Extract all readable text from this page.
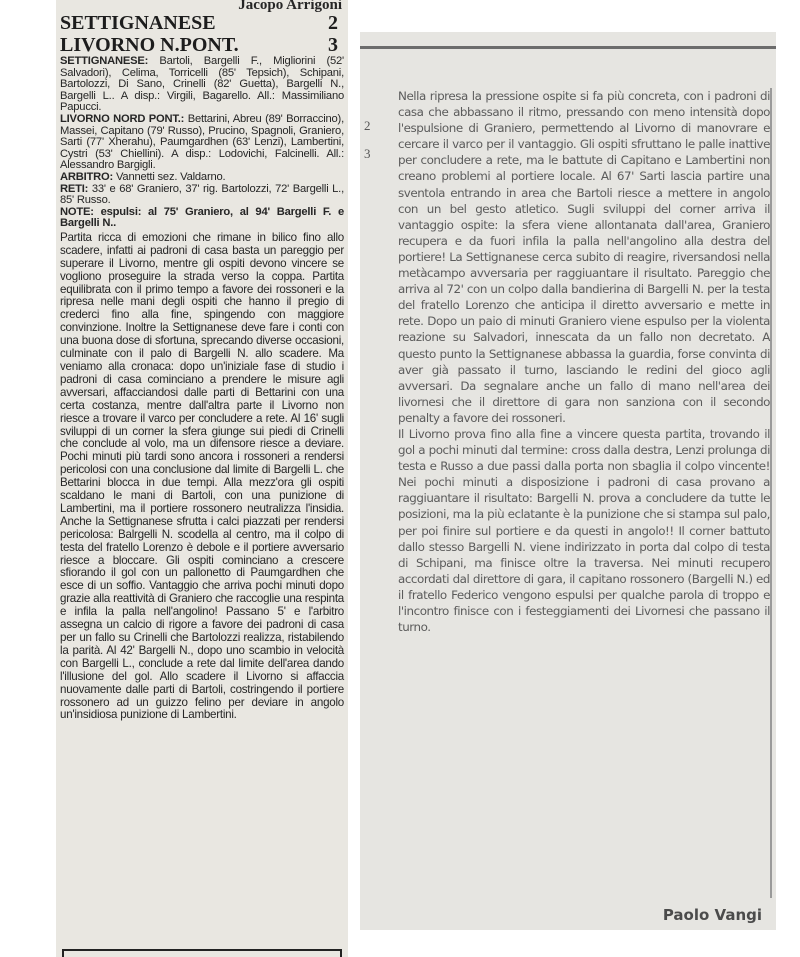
Jacopo Arrigoni
SETTIGNANESE	2
LIVORNO N.PONT.	3

SETTIGNANESE: Bartoli, Bargelli F., Migliorini (52' Salvadori), Celima, Torricelli (85' Tepsich), Schipani, Bartolozzi, Di Sano, Crinelli (82' Guetta), Bargelli N., Bargelli L.. A disp.: Virgili, Bagarello. All.: Massimiliano Papucci.

LIVORNO NORD PONT.: Bettarini, Abreu (89' Borraccino), Massei, Capitano (79' Russo), Prucino, Spagnoli, Graniero, Sarti (77' Xherahu), Paumgardhen (63' Lenzi), Lambertini, Cystri (53' Chiellini). A disp.: Lodovichi, Falcinelli. All.: Alessandro Bargigli.

ARBITRO: Vannetti sez. Valdarno.

RETI: 33' e 68' Graniero, 37' rig. Bartolozzi, 72' Bargelli L., 85' Russo.

NOTE: espulsi: al 75' Graniero, al 94' Bargelli F. e Bargelli N..

Partita ricca di emozioni che rimane in bilico fino allo scadere, infatti ai padroni di casa basta un pareggio per superare il Livorno, mentre gli ospiti devono vincere se vogliono proseguire la strada verso la coppa. Partita equilibrata con il primo tempo a favore dei rossoneri e la ripresa nelle mani degli ospiti che hanno il pregio di crederci fino alla fine, spingendo con maggiore convinzione. Inoltre la Settignanese deve fare i conti con una buona dose di sfortuna, sprecando diverse occasioni, culminate con il palo di Bargelli N. allo scadere. Ma veniamo alla cronaca: dopo un'iniziale fase di studio i padroni di casa cominciano a prendere le misure agli avversari, affacciandosi dalle parti di Bettarini con una certa costanza, mentre dall'altra parte il Livorno non riesce a trovare il varco per concludere a rete. Al 16' sugli sviluppi di un corner la sfera giunge sui piedi di Crinelli che conclude al volo, ma un difensore riesce a deviare. Pochi minuti più tardi sono ancora i rossoneri a rendersi pericolosi con una conclusione dal limite di Bargelli L. che Bettarini blocca in due tempi. Alla mezz'ora gli ospiti scaldano le mani di Bartoli, con una punizione di Lambertini, ma il portiere rossonero neutralizza l'insidia. Anche la Settignanese sfrutta i calci piazzati per rendersi pericolosa: Balrgelli N. scodella al centro, ma il colpo di testa del fratello Lorenzo è debole e il portiere avversario riesce a bloccare. Gli ospiti cominciano a crescere sfiorando il gol con un pallonetto di Paumgardhen che esce di un soffio. Vantaggio che arriva pochi minuti dopo grazie alla reattività di Graniero che raccoglie una respinta e infila la palla nell'angolino! Passano 5' e l'arbitro assegna un calcio di rigore a favore dei padroni di casa per un fallo su Crinelli che Bartolozzi realizza, ristabilendo la parità. Al 42' Bargelli N., dopo uno scambio in velocità con Bargelli L., conclude a rete dal limite dell'area dando l'illusione del gol. Allo scadere il Livorno si affaccia nuovamente dalle parti di Bartoli, costringendo il portiere rossonero ad un guizzo felino per deviare in angolo un'insidiosa punizione di Lambertini.

2
3

Nella ripresa la pressione ospite si fa più concreta, con i padroni di casa che abbassano il ritmo, pressando con meno intensità dopo l'espulsione di Graniero, permettendo al Livorno di manovrare e cercare il varco per il vantaggio. Gli ospiti sfruttano le palle inattive per concludere a rete, ma le battute di Capitano e Lambertini non creano problemi al portiere locale. Al 67' Sarti lascia partire una sventola entrando in area che Bartoli riesce a mettere in angolo con un bel gesto atletico. Sugli sviluppi del corner arriva il vantaggio ospite: la sfera viene allontanata dall'area, Graniero recupera e da fuori infila la palla nell'angolino alla destra del portiere! La Settignanese cerca subito di reagire, riversandosi nella metàcampo avversaria per raggiuantare il risultato. Pareggio che arriva al 72' con un colpo dalla bandierina di Bargelli N. per la testa del fratello Lorenzo che anticipa il diretto avversario e mette in rete. Dopo un paio di minuti Graniero viene espulso per la violenta reazione su Salvadori, innescata da un fallo non decretato. A questo punto la Settignanese abbassa la guardia, forse convinta di aver già passato il turno, lasciando le redini del gioco agli avversari. Da segnalare anche un fallo di mano nell'area dei livornesi che il direttore di gara non sanziona con il secondo penalty a favore dei rossoneri.

Il Livorno prova fino alla fine a vincere questa partita, trovando il gol a pochi minuti dal termine: cross dalla destra, Lenzi prolunga di testa e Russo a due passi dalla porta non sbaglia il colpo vincente! Nei pochi minuti a disposizione i padroni di casa provano a raggiuantare il risultato: Bargelli N. prova a concludere da tutte le posizioni, ma la più eclatante è la punizione che si stampa sul palo, per poi finire sul portiere e da questi in angolo!! Il corner battuto dallo stesso Bargelli N. viene indirizzato in porta dal colpo di testa di Schipani, ma finisce oltre la traversa. Nei minuti recupero accordati dal direttore di gara, il capitano rossonero (Bargelli N.) ed il fratello Federico vengono espulsi per qualche parola di troppo e l'incontro finisce con i festeggiamenti dei Livornesi che passano il turno.

Paolo Vangi
